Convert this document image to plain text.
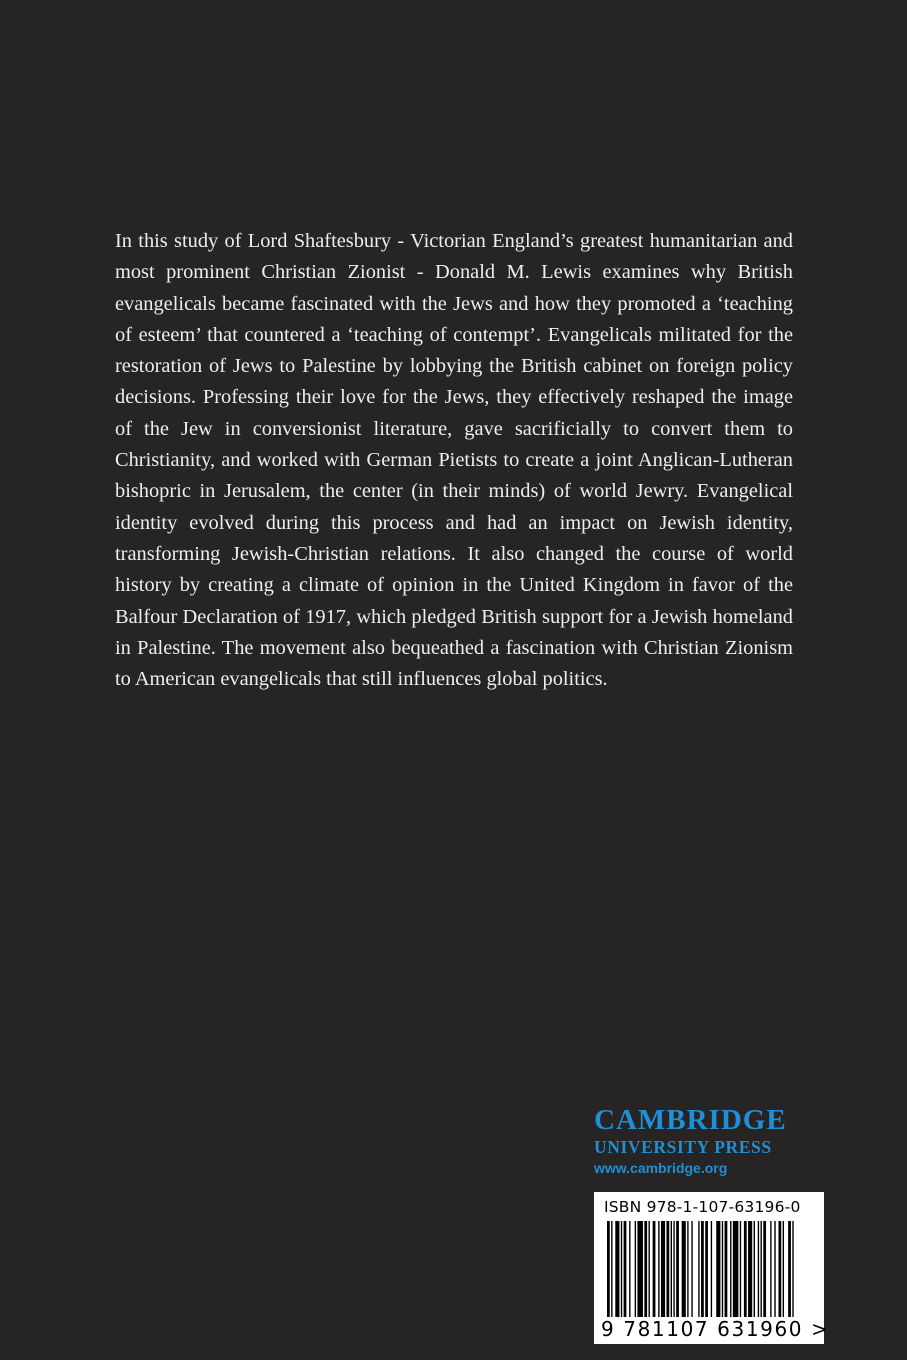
In this study of Lord Shaftesbury - Victorian England’s greatest humanitarian and most prominent Christian Zionist - Donald M. Lewis examines why British evangelicals became fascinated with the Jews and how they promoted a ‘teaching of esteem’ that countered a ‘teaching of contempt’. Evangelicals militated for the restoration of Jews to Palestine by lobbying the British cabinet on foreign policy decisions. Professing their love for the Jews, they effectively reshaped the image of the Jew in conversionist literature, gave sacrificially to convert them to Christianity, and worked with German Pietists to create a joint Anglican-Lutheran bishopric in Jerusalem, the center (in their minds) of world Jewry. Evangelical identity evolved during this process and had an impact on Jewish identity, transforming Jewish-Christian relations. It also changed the course of world history by creating a climate of opinion in the United Kingdom in favor of the Balfour Declaration of 1917, which pledged British support for a Jewish homeland in Palestine. The movement also bequeathed a fascination with Christian Zionism to American evangelicals that still influences global politics.

CAMBRIDGE

UNIVERSITY PRESS

www.cambridge.org

ISBN 978-1-107-63196-0
9 781107 631960 >
